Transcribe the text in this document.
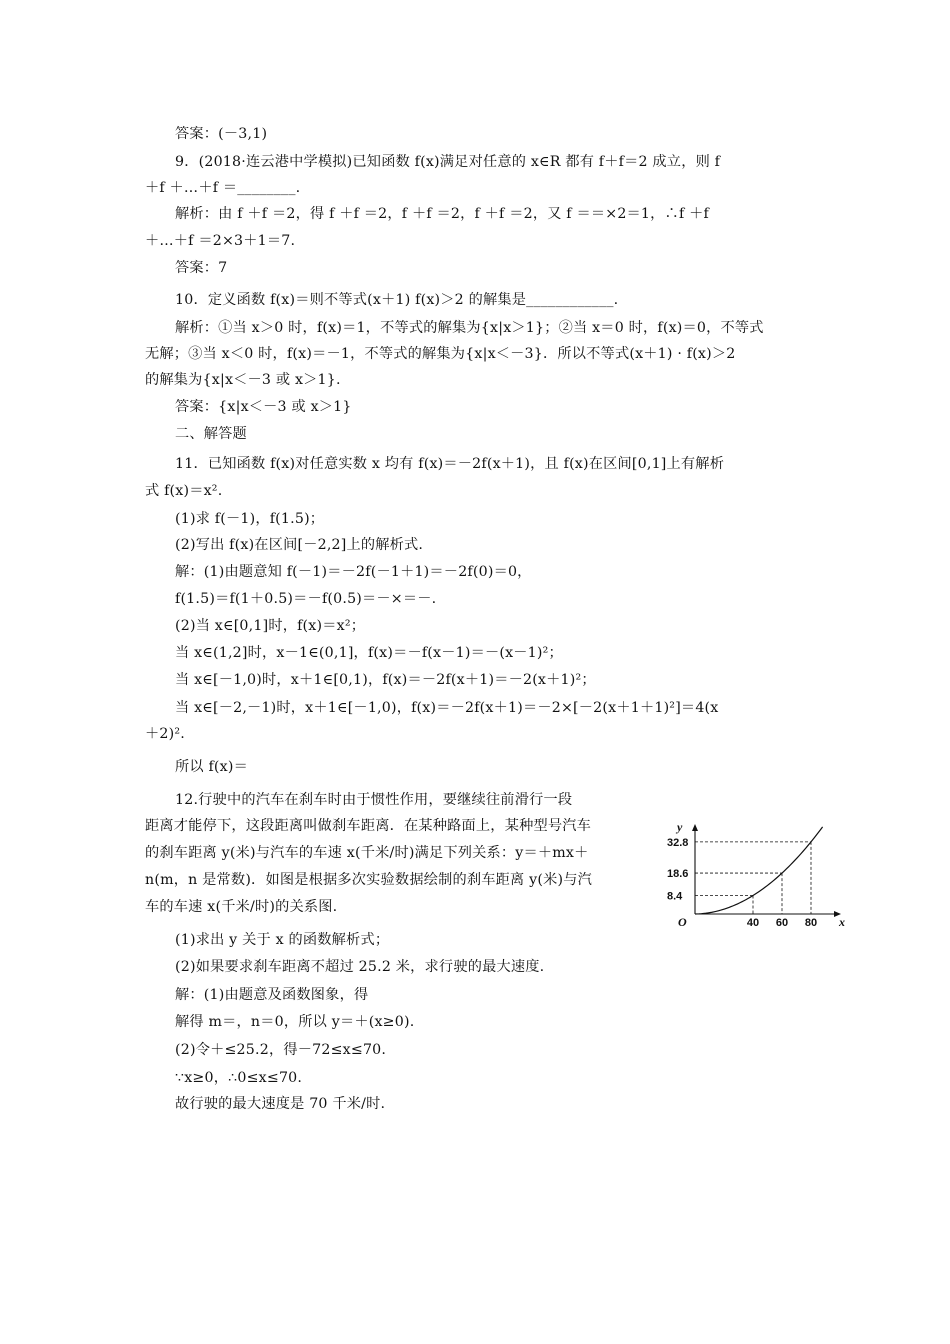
答案：(－3,1)
9．(2018·连云港中学模拟)已知函数 f(x)满足对任意的 x∈R 都有 f＋f＝2 成立，则 f
＋f ＋…＋f ＝________.
解析：由 f ＋f ＝2，得 f ＋f ＝2，f ＋f ＝2，f ＋f ＝2，又 f ＝＝×2＝1，∴f ＋f
＋…＋f ＝2×3＋1＝7.
答案：7
10．定义函数 f(x)＝则不等式(x＋1) f(x)＞2 的解集是____________.
解析：①当 x＞0 时，f(x)＝1，不等式的解集为{x|x＞1}；②当 x＝0 时，f(x)＝0，不等式
无解；③当 x＜0 时，f(x)＝－1，不等式的解集为{x|x＜－3}．所以不等式(x＋1) · f(x)＞2
的解集为{x|x＜－3 或 x＞1}.
答案：{x|x＜－3 或 x＞1}
二、解答题
11．已知函数 f(x)对任意实数 x 均有 f(x)＝－2f(x＋1)，且 f(x)在区间[0,1]上有解析
式 f(x)＝x².
(1)求 f(－1)，f(1.5)；
(2)写出 f(x)在区间[－2,2]上的解析式.
解：(1)由题意知 f(－1)＝－2f(－1＋1)＝－2f(0)＝0，
f(1.5)＝f(1＋0.5)＝－f(0.5)＝－×＝－.
(2)当 x∈[0,1]时，f(x)＝x²；
当 x∈(1,2]时，x－1∈(0,1]，f(x)＝－f(x－1)＝－(x－1)²；
当 x∈[－1,0)时，x＋1∈[0,1)，f(x)＝－2f(x＋1)＝－2(x＋1)²；
当 x∈[－2,－1)时，x＋1∈[－1,0)，f(x)＝－2f(x＋1)＝－2×[－2(x＋1＋1)²]＝4(x
＋2)².
所以 f(x)＝
12.行驶中的汽车在刹车时由于惯性作用，要继续往前滑行一段
距离才能停下，这段距离叫做刹车距离．在某种路面上，某种型号汽车
的刹车距离 y(米)与汽车的车速 x(千米/时)满足下列关系：y＝＋mx＋
n(m，n 是常数)．如图是根据多次实验数据绘制的刹车距离 y(米)与汽
车的车速 x(千米/时)的关系图.
(1)求出 y 关于 x 的函数解析式；
(2)如果要求刹车距离不超过 25.2 米，求行驶的最大速度.
解：(1)由题意及函数图象，得
解得 m＝，n＝0，所以 y＝＋(x≥0).
(2)令＋≤25.2，得－72≤x≤70.
∵x≥0，∴0≤x≤70.
故行驶的最大速度是 70 千米/时.
y
x
O	40
8.4
60
18.6
80
32.8
